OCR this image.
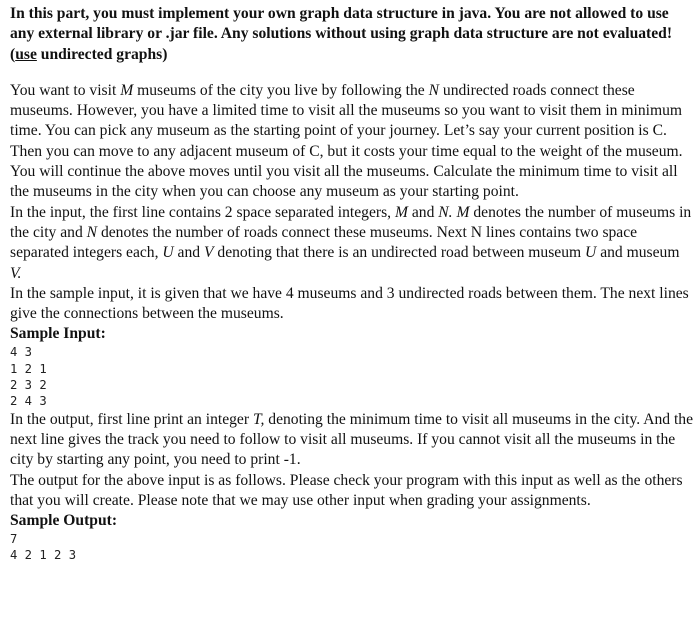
In this part, you must implement your own graph data structure in java. You are not allowed to use any external library or .jar file. Any solutions without using graph data structure are not evaluated! (use undirected graphs)

You want to visit M museums of the city you live by following the N undirected roads connect these museums. However, you have a limited time to visit all the museums so you want to visit them in minimum time. You can pick any museum as the starting point of your journey. Let’s say your current position is C. Then you can move to any adjacent museum of C, but it costs your time equal to the weight of the museum. You will continue the above moves until you visit all the museums. Calculate the minimum time to visit all the museums in the city when you can choose any museum as your starting point.

In the input, the first line contains 2 space separated integers, M and N. M denotes the number of museums in the city and N denotes the number of roads connect these museums. Next N lines contains two space separated integers each, U and V denoting that there is an undirected road between museum U and museum V.

In the sample input, it is given that we have 4 museums and 3 undirected roads between them. The next lines give the connections between the museums.

Sample Input:

4 3
1 2 1
2 3 2
2 4 3

In the output, first line print an integer T, denoting the minimum time to visit all museums in the city. And the next line gives the track you need to follow to visit all museums. If you cannot visit all the museums in the city by starting any point, you need to print -1.

The output for the above input is as follows. Please check your program with this input as well as the others that you will create. Please note that we may use other input when grading your assignments.

Sample Output:

7
4 2 1 2 3
